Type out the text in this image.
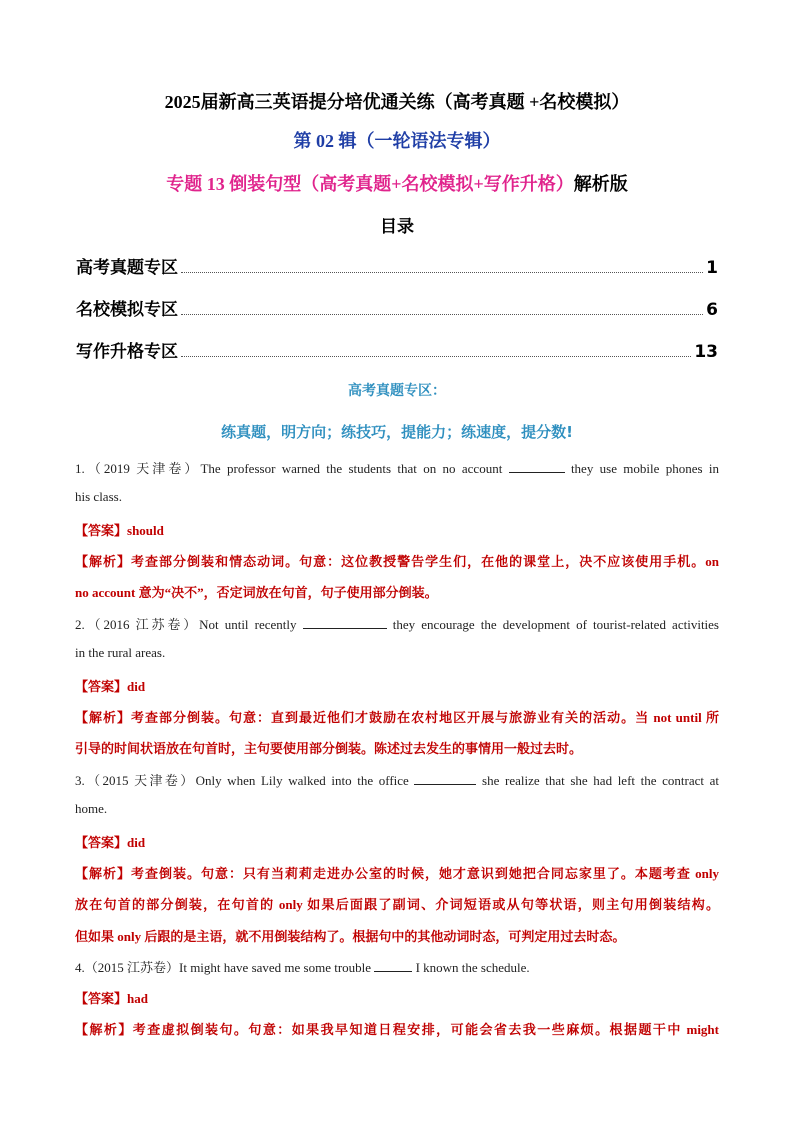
2025届新高三英语提分培优通关练（高考真题 +名校模拟）
第 02 辑（一轮语法专辑）
专题 13 倒装句型（高考真题+名校模拟+写作升格）解析版
目录
高考真题专区	1
名校模拟专区	6
写作升格专区	13
高考真题专区：
练真题，明方向；练技巧，提能力；练速度，提分数!
1.（2019 天津卷）The professor warned the students that on no account	they use mobile phones in
his class.
【答案】should
【解析】考查部分倒装和情态动词。句意：这位教授警告学生们，在他的课堂上，决不应该使用手机。on
no account 意为“决不”，否定词放在句首，句子使用部分倒装。
2.（2016 江苏卷）Not until recently	they encourage the development of tourist-related activities
in the rural areas.
【答案】did
【解析】考查部分倒装。句意：直到最近他们才鼓励在农村地区开展与旅游业有关的活动。当 not until 所
引导的时间状语放在句首时，主句要使用部分倒装。陈述过去发生的事情用一般过去时。
3.（2015 天津卷）Only when Lily walked into the office	she realize that she had left the contract at
home.
【答案】did
【解析】考查倒装。句意：只有当莉莉走进办公室的时候，她才意识到她把合同忘家里了。本题考查 only
放在句首的部分倒装，在句首的 only 如果后面跟了副词、介词短语或从句等状语，则主句用倒装结构。
但如果 only 后跟的是主语，就不用倒装结构了。根据句中的其他动词时态，可判定用过去时态。
4.（2015 江苏卷）It might have saved me some trouble	I known the schedule.
【答案】had
【解析】考查虚拟倒装句。句意：如果我早知道日程安排，可能会省去我一些麻烦。根据题干中 might
